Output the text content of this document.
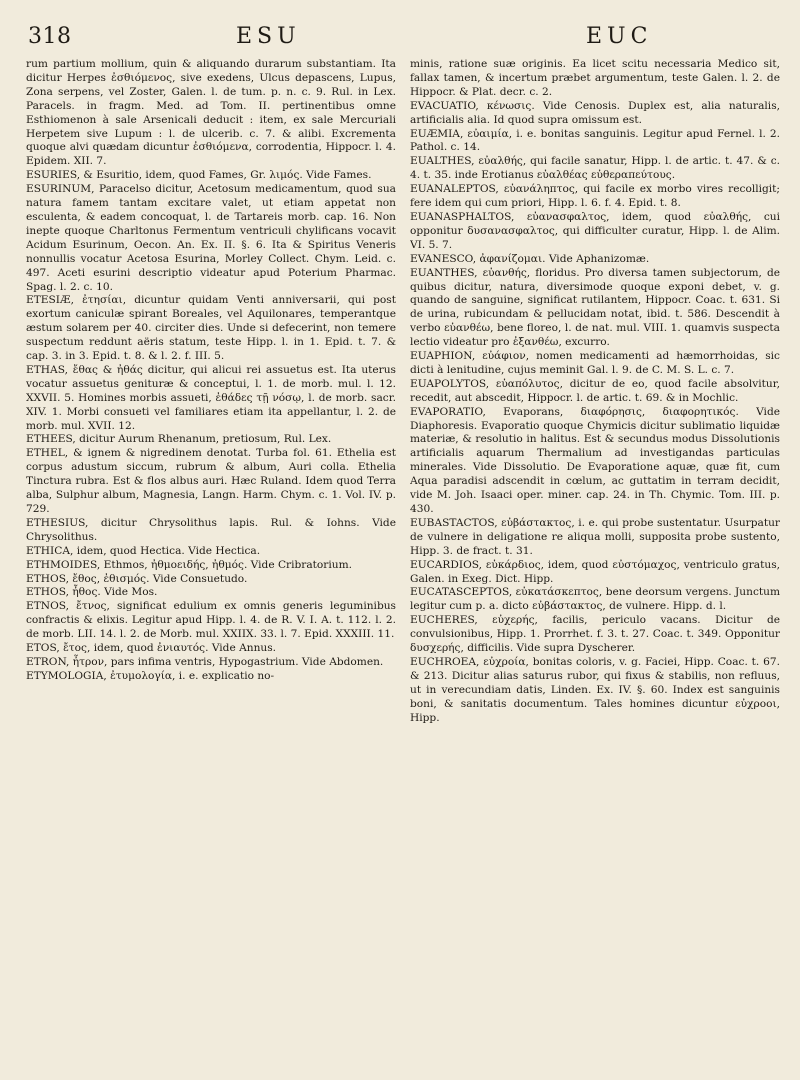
318	ESU	EUC

rum partium mollium, quin & aliquando durarum substantiam. Ita dicitur Herpes ἐσθιόμενος, sive exedens, Ulcus depascens, Lupus, Zona serpens, vel Zoster, Galen. l. de tum. p. n. c. 9. Rul. in Lex. Paracels. in fragm. Med. ad Tom. II. pertinentibus omne Esthiomenon à sale Arsenicali deducit : item, ex sale Mercuriali Herpetem sive Lupum : l. de ulcerib. c. 7. & alibi. Excrementa quoque alvi quædam dicuntur ἐσθιόμενα, corrodentia, Hippocr. l. 4. Epidem. XII. 7.

ESURIES, & Esuritio, idem, quod Fames, Gr. λιμός. Vide Fames.

ESURINUM, Paracelso dicitur, Acetosum medicamentum, quod sua natura famem tantam excitare valet, ut etiam appetat non esculenta, & eadem concoquat, l. de Tartareis morb. cap. 16. Non inepte quoque Charltonus Fermentum ventriculi chylificans vocavit Acidum Esurinum, Oecon. An. Ex. II. §. 6. Ita & Spiritus Veneris nonnullis vocatur Acetosa Esurina, Morley Collect. Chym. Leid. c. 497. Aceti esurini descriptio videatur apud Poterium Pharmac. Spag. l. 2. c. 10.

ETESIÆ, ἐτησίαι, dicuntur quidam Venti anniversarii, qui post exortum caniculæ spirant Boreales, vel Aquilonares, temperantque æstum solarem per 40. circiter dies. Unde si defecerint, non temere suspectum reddunt aëris statum, teste Hipp. l. in 1. Epid. t. 7. & cap. 3. in 3. Epid. t. 8. & l. 2. f. III. 5.

ETHAS, ἔθας & ἠθάς dicitur, qui alicui rei assuetus est. Ita uterus vocatur assuetus genituræ & conceptui, l. 1. de morb. mul. l. 12. XXVII. 5. Homines morbis assueti, ἐθάδες τῇ νόσῳ, l. de morb. sacr. XIV. 1. Morbi consueti vel familiares etiam ita appellantur, l. 2. de morb. mul. XVII. 12.

ETHEES, dicitur Aurum Rhenanum, pretiosum, Rul. Lex.

ETHEL, & ignem & nigredinem denotat. Turba fol. 61. Ethelia est corpus adustum siccum, rubrum & album, Auri colla. Ethelia Tinctura rubra. Est & flos albus auri. Hæc Ruland. Idem quod Terra alba, Sulphur album, Magnesia, Langn. Harm. Chym. c. 1. Vol. IV. p. 729.

ETHESIUS, dicitur Chrysolithus lapis. Rul. & Iohns. Vide Chrysolithus.

ETHICA, idem, quod Hectica. Vide Hectica.

ETHMOIDES, Ethmos, ἠθμοειδής, ἠθμός. Vide Cribratorium.

ETHOS, ἔθος, ἐθισμός. Vide Consuetudo.

ETHOS, ἦθος. Vide Mos.

ETNOS, ἔτνος, significat edulium ex omnis generis leguminibus confractis & elixis. Legitur apud Hipp. l. 4. de R. V. I. A. t. 112. l. 2. de morb. LII. 14. l. 2. de Morb. mul. XXIIX. 33. l. 7. Epid. XXXIII. 11.

ETOS, ἔτος, idem, quod ἐνιαυτός. Vide Annus.

ETRON, ἦτρον, pars infima ventris, Hypogastrium. Vide Abdomen.

ETYMOLOGIA, ἐτυμολογία, i. e. explicatio no-

minis, ratione suæ originis. Ea licet scitu necessaria Medico sit, fallax tamen, & incertum præbet argumentum, teste Galen. l. 2. de Hippocr. & Plat. decr. c. 2.

EVACUATIO, κένωσις. Vide Cenosis. Duplex est, alia naturalis, artificialis alia. Id quod supra omissum est.

EUÆMIA, εὐαιμία, i. e. bonitas sanguinis. Legitur apud Fernel. l. 2. Pathol. c. 14.

EUALTHES, εὐαλθής, qui facile sanatur, Hipp. l. de artic. t. 47. & c. 4. t. 35. inde Erotianus εὐαλθέας εὐθεραπεύτους.

EUANALEPTOS, εὐανάληπτος, qui facile ex morbo vires recolligit; fere idem qui cum priori, Hipp. l. 6. f. 4. Epid. t. 8.

EUANASPHALTOS, εὐανασφαλτος, idem, quod εὐαλθής, cui opponitur δυσανασφαλτος, qui difficulter curatur, Hipp. l. de Alim. VI. 5. 7.

EVANESCO, ἀφανίζομαι. Vide Aphanizomæ.

EUANTHES, εὐανθής, floridus. Pro diversa tamen subjectorum, de quibus dicitur, natura, diversimode quoque exponi debet, v. g. quando de sanguine, significat rutilantem, Hippocr. Coac. t. 631. Si de urina, rubicundam & pellucidam notat, ibid. t. 586. Descendit à verbo εὐανθέω, bene floreo, l. de nat. mul. VIII. 1. quamvis suspecta lectio videatur pro ἐξανθέω, excurro.

EUAPHION, εὐάφιον, nomen medicamenti ad hæmorrhoidas, sic dicti à lenitudine, cujus meminit Gal. l. 9. de C. M. S. L. c. 7.

EUAPOLYTOS, εὐαπόλυτος, dicitur de eo, quod facile absolvitur, recedit, aut abscedit, Hippocr. l. de artic. t. 69. & in Mochlic.

EVAPORATIO, Evaporans, διαφόρησις, διαφορητικός. Vide Diaphoresis. Evaporatio quoque Chymicis dicitur sublimatio liquidæ materiæ, & resolutio in halitus. Est & secundus modus Dissolutionis artificialis aquarum Thermalium ad investigandas particulas minerales. Vide Dissolutio. De Evaporatione aquæ, quæ fit, cum Aqua paradisi adscendit in cœlum, ac guttatim in terram decidit, vide M. Joh. Isaaci oper. miner. cap. 24. in Th. Chymic. Tom. III. p. 430.

EUBASTACTOS, εὐβάστακτος, i. e. qui probe sustentatur. Usurpatur de vulnere in deligatione re aliqua molli, supposita probe sustento, Hipp. 3. de fract. t. 31.

EUCARDIOS, εὐκάρδιος, idem, quod εὐστόμαχος, ventriculo gratus, Galen. in Exeg. Dict. Hipp.

EUCATASCEPTOS, εὐκατάσκεπτος, bene deorsum vergens. Junctum legitur cum p. a. dicto εὐβάστακτος, de vulnere. Hipp. d. l.

EUCHERES, εὐχερής, facilis, periculo vacans. Dicitur de convulsionibus, Hipp. 1. Prorrhet. f. 3. t. 27. Coac. t. 349. Opponitur δυσχερής, difficilis. Vide supra Dyscherer.

EUCHROEA, εὐχροία, bonitas coloris, v. g. Faciei, Hipp. Coac. t. 67. & 213. Dicitur alias saturus rubor, qui fixus & stabilis, non refluus, ut in verecundiam datis, Linden. Ex. IV. §. 60. Index est sanguinis boni, & sanitatis documentum. Tales homines dicuntur εὐχροοι, Hipp.
